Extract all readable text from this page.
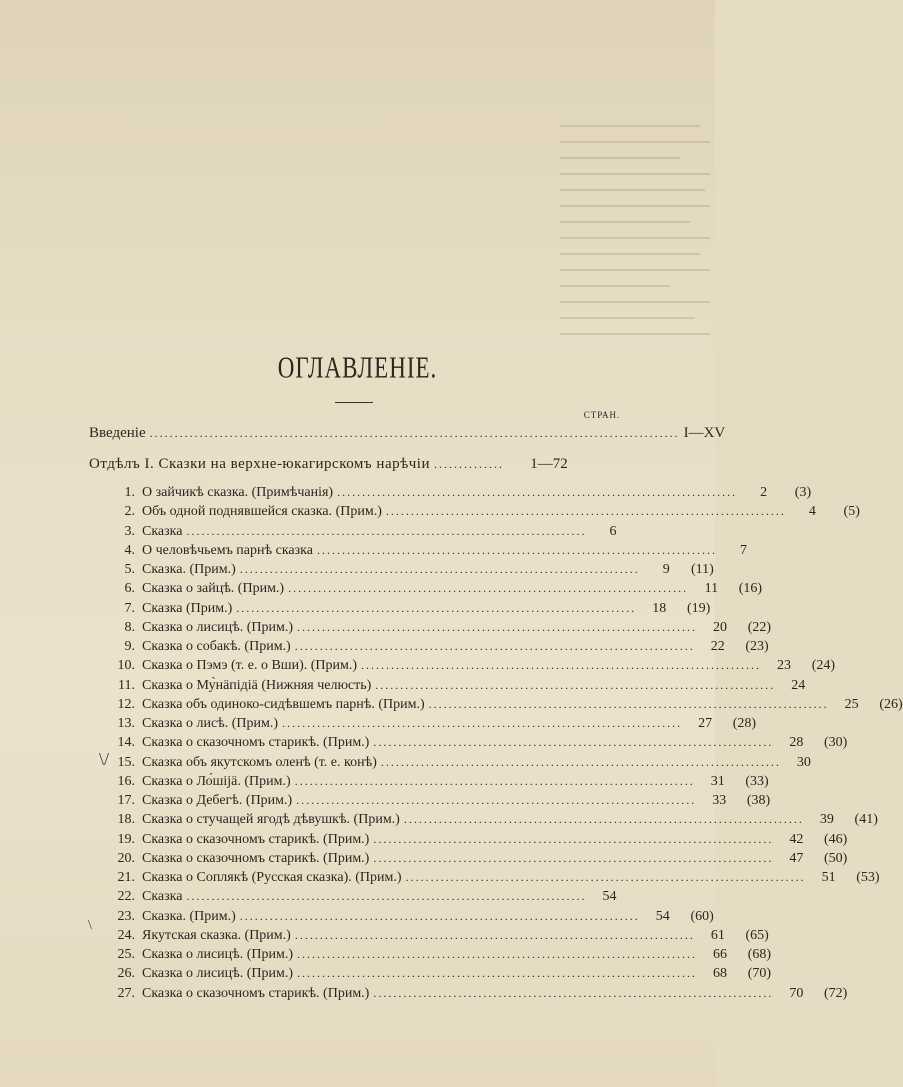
ОГЛАВЛЕНІЕ.
СТРАН.
Введеніе .......................................................................................................... I—XV
Отдѣлъ I. Сказки на верхне-юкагирскомъ нарѣчіи ..............	1—72
1. О зайчикѣ сказка. (Примѣчанія) ................................................................................	2	(3)
2. Объ одной поднявшейся сказка. (Прим.) ................................................................................	4	(5)
3. Сказка ................................................................................	6
4. О человѣчьемъ парнѣ сказка ................................................................................	7
5. Сказка. (Прим.) ................................................................................	9	(11)
6. Сказка о зайцѣ. (Прим.) ................................................................................	11	(16)
7. Сказка (Прим.) ................................................................................	18	(19)
8. Сказка о лисицѣ. (Прим.) ................................................................................	20	(22)
9. Сказка о собакѣ. (Прим.) ................................................................................	22	(23)
10. Сказка о Пэмэ (т. е. о Вши). (Прим.) ................................................................................	23	(24)
11. Сказка о Му̀нäпідіä (Нижняя челюсть) ................................................................................	24
12. Сказка объ одиноко-сидѣвшемъ парнѣ. (Прим.) ................................................................................	25	(26)
13. Сказка о лисѣ. (Прим.) ................................................................................	27	(28)
14. Сказка о сказочномъ старикѣ. (Прим.) ................................................................................	28	(30)
15. Сказка объ якутскомъ оленѣ (т. е. конѣ) ................................................................................	30
16. Сказка о Ло́шіjä. (Прим.) ................................................................................	31	(33)
17. Сказка о Дебегѣ. (Прим.) ................................................................................	33	(38)
18. Сказка о стучащей ягодѣ дѣвушкѣ. (Прим.) ................................................................................	39	(41)
19. Сказка о сказочномъ старикѣ. (Прим.) ................................................................................	42	(46)
20. Сказка о сказочномъ старикѣ. (Прим.) ................................................................................	47	(50)
21. Сказка о Соплякѣ (Русская сказка). (Прим.) ................................................................................	51	(53)
22. Сказка ................................................................................	54
23. Сказка. (Прим.) ................................................................................	54	(60)
24. Якутская сказка. (Прим.) ................................................................................	61	(65)
25. Сказка о лисицѣ. (Прим.) ................................................................................	66	(68)
26. Сказка о лисицѣ. (Прим.) ................................................................................	68	(70)
27. Сказка о сказочномъ старикѣ. (Прим.) ................................................................................	70	(72)
\/
\
